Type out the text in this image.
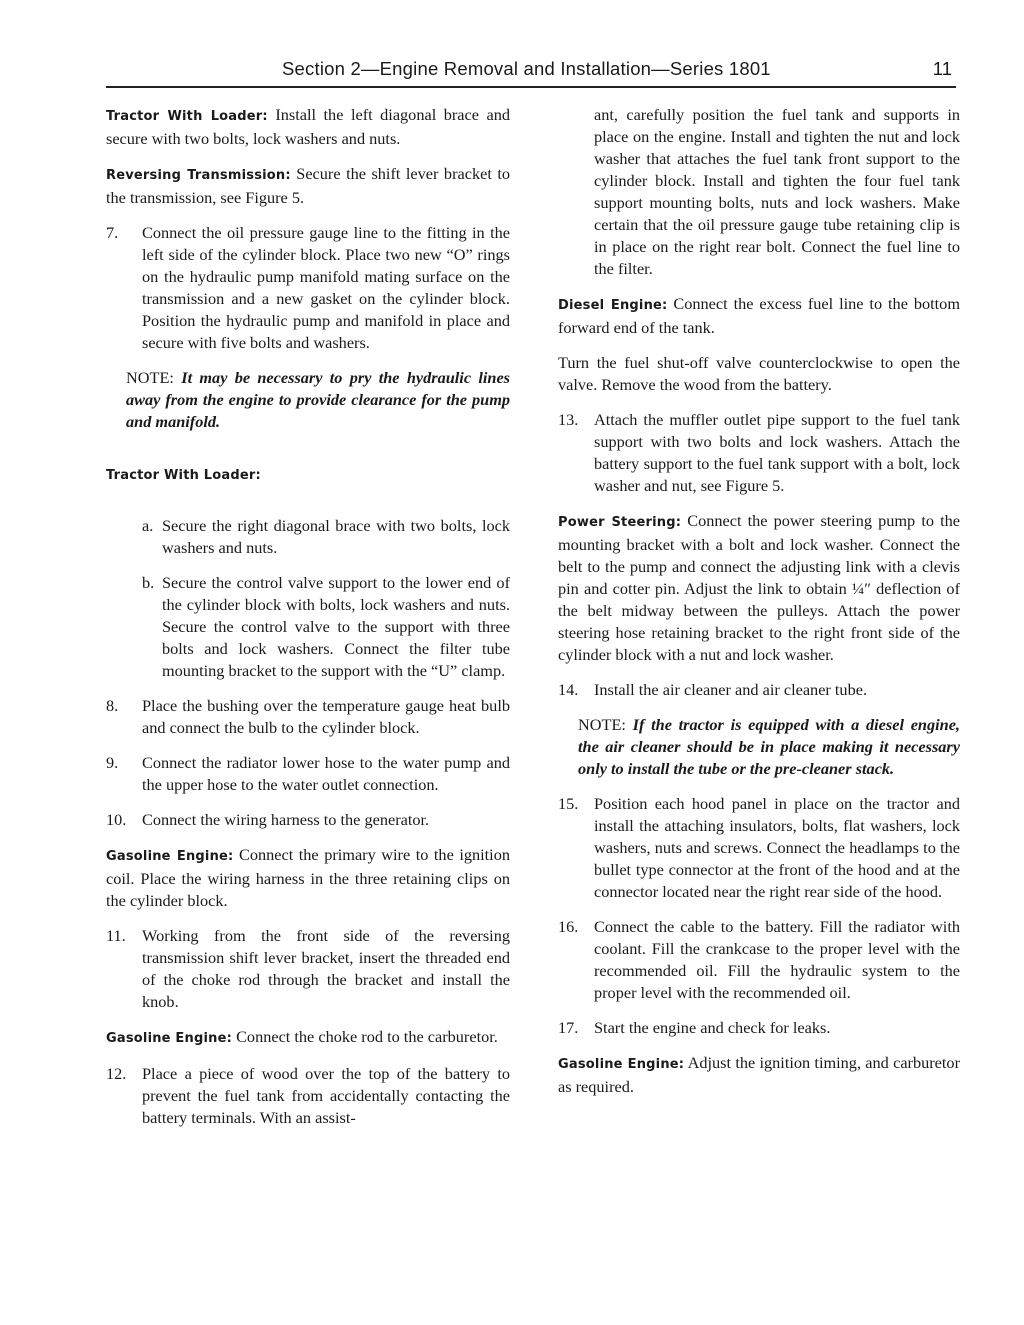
Section 2—Engine Removal and Installation—Series 1801	11

Tractor With Loader: Install the left diagonal brace and secure with two bolts, lock washers and nuts.

Reversing Transmission: Secure the shift lever bracket to the transmission, see Figure 5.

7.	Connect the oil pressure gauge line to the fitting in the left side of the cylinder block. Place two new “O” rings on the hydraulic pump manifold mating surface on the transmission and a new gasket on the cylinder block. Position the hydraulic pump and manifold in place and secure with five bolts and washers.

NOTE: It may be necessary to pry the hydraulic lines away from the engine to provide clearance for the pump and manifold.

Tractor With Loader:

a. Secure the right diagonal brace with two bolts, lock washers and nuts.
b. Secure the control valve support to the lower end of the cylinder block with bolts, lock washers and nuts. Secure the control valve to the support with three bolts and lock washers. Connect the filter tube mounting bracket to the support with the “U” clamp.
8.	Place the bushing over the temperature gauge heat bulb and connect the bulb to the cylinder block.
9.	Connect the radiator lower hose to the water pump and the upper hose to the water outlet connection.
10. Connect the wiring harness to the generator.

Gasoline Engine: Connect the primary wire to the ignition coil. Place the wiring harness in the three retaining clips on the cylinder block.

11. Working from the front side of the reversing transmission shift lever bracket, insert the threaded end of the choke rod through the bracket and install the knob.

Gasoline Engine: Connect the choke rod to the carburetor.

12. Place a piece of wood over the top of the battery to prevent the fuel tank from accidentally contacting the battery terminals. With an assist-

ant, carefully position the fuel tank and supports in place on the engine. Install and tighten the nut and lock washer that attaches the fuel tank front support to the cylinder block. Install and tighten the four fuel tank support mounting bolts, nuts and lock washers. Make certain that the oil pressure gauge tube retaining clip is in place on the right rear bolt. Connect the fuel line to the filter.

Diesel Engine: Connect the excess fuel line to the bottom forward end of the tank.

Turn the fuel shut-off valve counterclockwise to open the valve. Remove the wood from the battery.

13. Attach the muffler outlet pipe support to the fuel tank support with two bolts and lock washers. Attach the battery support to the fuel tank support with a bolt, lock washer and nut, see Figure 5.

Power Steering: Connect the power steering pump to the mounting bracket with a bolt and lock washer. Connect the belt to the pump and connect the adjusting link with a clevis pin and cotter pin. Adjust the link to obtain ¼″ deflection of the belt midway between the pulleys. Attach the power steering hose retaining bracket to the right front side of the cylinder block with a nut and lock washer.

14. Install the air cleaner and air cleaner tube.

NOTE: If the tractor is equipped with a diesel engine, the air cleaner should be in place making it necessary only to install the tube or the pre-cleaner stack.

15. Position each hood panel in place on the tractor and install the attaching insulators, bolts, flat washers, lock washers, nuts and screws. Connect the headlamps to the bullet type connector at the front of the hood and at the connector located near the right rear side of the hood.
16. Connect the cable to the battery. Fill the radiator with coolant. Fill the crankcase to the proper level with the recommended oil. Fill the hydraulic system to the proper level with the recommended oil.
17. Start the engine and check for leaks.

Gasoline Engine: Adjust the ignition timing, and carburetor as required.
